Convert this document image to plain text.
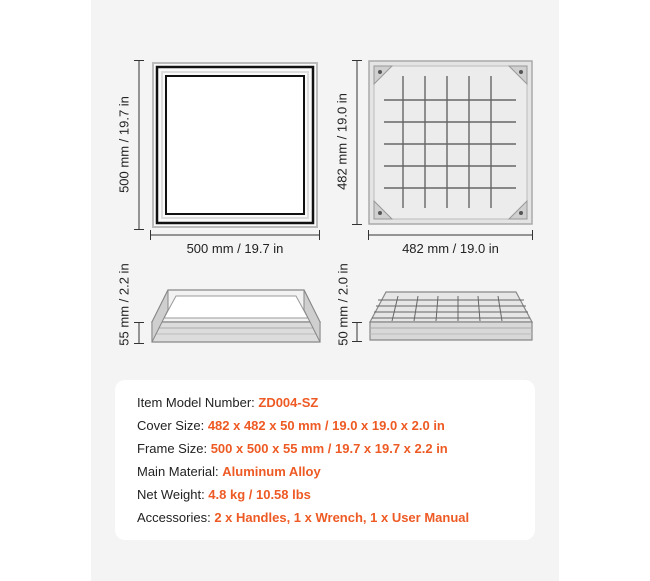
500 mm / 19.7 in
500 mm / 19.7 in
482 mm / 19.0 in
482 mm / 19.0 in
55 mm / 2.2 in	50 mm / 2.0 in
Item Model Number: ZD004-SZ
Cover Size: 482 x 482 x 50 mm / 19.0 x 19.0 x 2.0 in
Frame Size: 500 x 500 x 55 mm / 19.7 x 19.7 x 2.2 in
Main Material: Aluminum Alloy
Net Weight: 4.8 kg / 10.58 lbs
Accessories: 2 x Handles, 1 x Wrench, 1 x User Manual
